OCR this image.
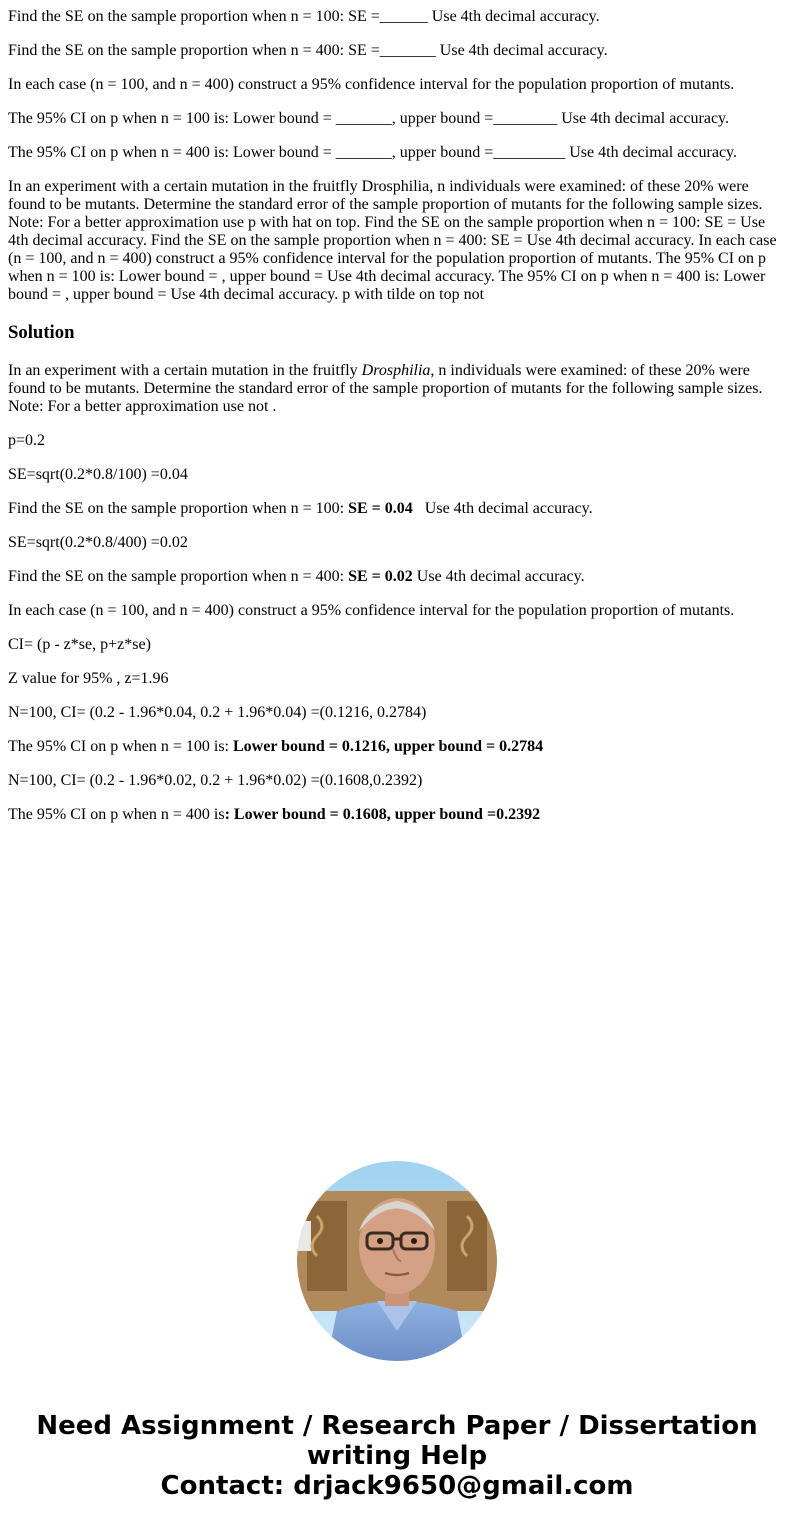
Find the SE on the sample proportion when n = 100: SE =______ Use 4th decimal accuracy.

Find the SE on the sample proportion when n = 400: SE =_______ Use 4th decimal accuracy.

In each case (n = 100, and n = 400) construct a 95% confidence interval for the population proportion of mutants.

The 95% CI on p when n = 100 is: Lower bound = _______, upper bound =________ Use 4th decimal accuracy.

The 95% CI on p when n = 400 is: Lower bound = _______, upper bound =_________ Use 4th decimal accuracy.

In an experiment with a certain mutation in the fruitfly Drosphilia, n individuals were examined: of these 20% were found to be mutants. Determine the standard error of the sample proportion of mutants for the following sample sizes. Note: For a better approximation use p with hat on top. Find the SE on the sample proportion when n = 100: SE = Use 4th decimal accuracy. Find the SE on the sample proportion when n = 400: SE = Use 4th decimal accuracy. In each case (n = 100, and n = 400) construct a 95% confidence interval for the population proportion of mutants. The 95% CI on p when n = 100 is: Lower bound = , upper bound = Use 4th decimal accuracy. The 95% CI on p when n = 400 is: Lower bound = , upper bound = Use 4th decimal accuracy. p with tilde on top not

Solution

In an experiment with a certain mutation in the fruitfly Drosphilia, n individuals were examined: of these 20% were found to be mutants. Determine the standard error of the sample proportion of mutants for the following sample sizes. Note: For a better approximation use not .

p=0.2

SE=sqrt(0.2*0.8/100) =0.04

Find the SE on the sample proportion when n = 100: SE = 0.04   Use 4th decimal accuracy.

SE=sqrt(0.2*0.8/400) =0.02

Find the SE on the sample proportion when n = 400: SE = 0.02 Use 4th decimal accuracy.

In each case (n = 100, and n = 400) construct a 95% confidence interval for the population proportion of mutants.

CI= (p - z*se, p+z*se)

Z value for 95% , z=1.96

N=100, CI= (0.2 - 1.96*0.04, 0.2 + 1.96*0.04) =(0.1216, 0.2784)

The 95% CI on p when n = 100 is: Lower bound = 0.1216, upper bound = 0.2784

N=100, CI= (0.2 - 1.96*0.02, 0.2 + 1.96*0.02) =(0.1608,0.2392)

The 95% CI on p when n = 400 is: Lower bound = 0.1608, upper bound =0.2392

Need Assignment / Research Paper / Dissertation
writing Help
Contact: drjack9650@gmail.com
